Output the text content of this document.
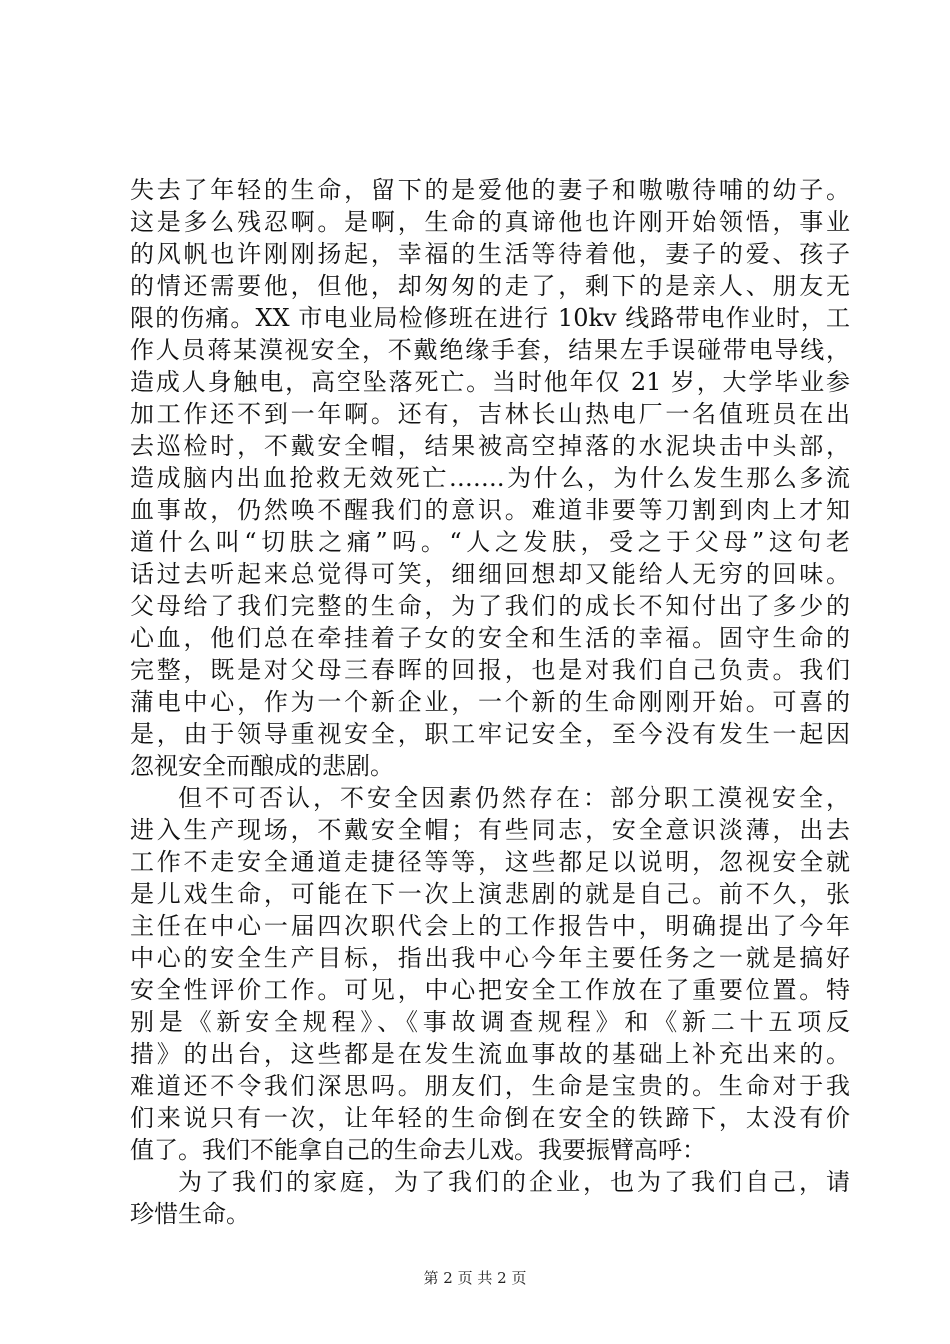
失去了年轻的生命，留下的是爱他的妻子和嗷嗷待哺的幼子。
这是多么残忍啊。是啊，生命的真谛他也许刚开始领悟，事业
的风帆也许刚刚扬起，幸福的生活等待着他，妻子的爱、孩子
的情还需要他，但他，却匆匆的走了，剩下的是亲人、朋友无
限的伤痛。XX 市电业局检修班在进行 10kv 线路带电作业时，工
作人员蒋某漠视安全，不戴绝缘手套，结果左手误碰带电导线，
造成人身触电，高空坠落死亡。当时他年仅 21 岁，大学毕业参
加工作还不到一年啊。还有，吉林长山热电厂一名值班员在出
去巡检时，不戴安全帽，结果被高空掉落的水泥块击中头部，
造成脑内出血抢救无效死亡…….为什么，为什么发生那么多流
血事故，仍然唤不醒我们的意识。难道非要等刀割到肉上才知
道什么叫“切肤之痛”吗。“人之发肤，受之于父母”这句老
话过去听起来总觉得可笑，细细回想却又能给人无穷的回味。
父母给了我们完整的生命，为了我们的成长不知付出了多少的
心血，他们总在牵挂着子女的安全和生活的幸福。固守生命的
完整，既是对父母三春晖的回报，也是对我们自己负责。我们
蒲电中心，作为一个新企业，一个新的生命刚刚开始。可喜的
是，由于领导重视安全，职工牢记安全，至今没有发生一起因
忽视安全而酿成的悲剧。
但不可否认，不安全因素仍然存在：部分职工漠视安全，
进入生产现场，不戴安全帽；有些同志，安全意识淡薄，出去
工作不走安全通道走捷径等等，这些都足以说明，忽视安全就
是儿戏生命，可能在下一次上演悲剧的就是自己。前不久，张
主任在中心一届四次职代会上的工作报告中，明确提出了今年
中心的安全生产目标，指出我中心今年主要任务之一就是搞好
安全性评价工作。可见，中心把安全工作放在了重要位置。特
别是《新安全规程》、《事故调查规程》和《新二十五项反
措》的出台，这些都是在发生流血事故的基础上补充出来的。
难道还不令我们深思吗。朋友们，生命是宝贵的。生命对于我
们来说只有一次，让年轻的生命倒在安全的铁蹄下，太没有价
值了。我们不能拿自己的生命去儿戏。我要振臂高呼：
为了我们的家庭，为了我们的企业，也为了我们自己，请
珍惜生命。
第 2 页 共 2 页
